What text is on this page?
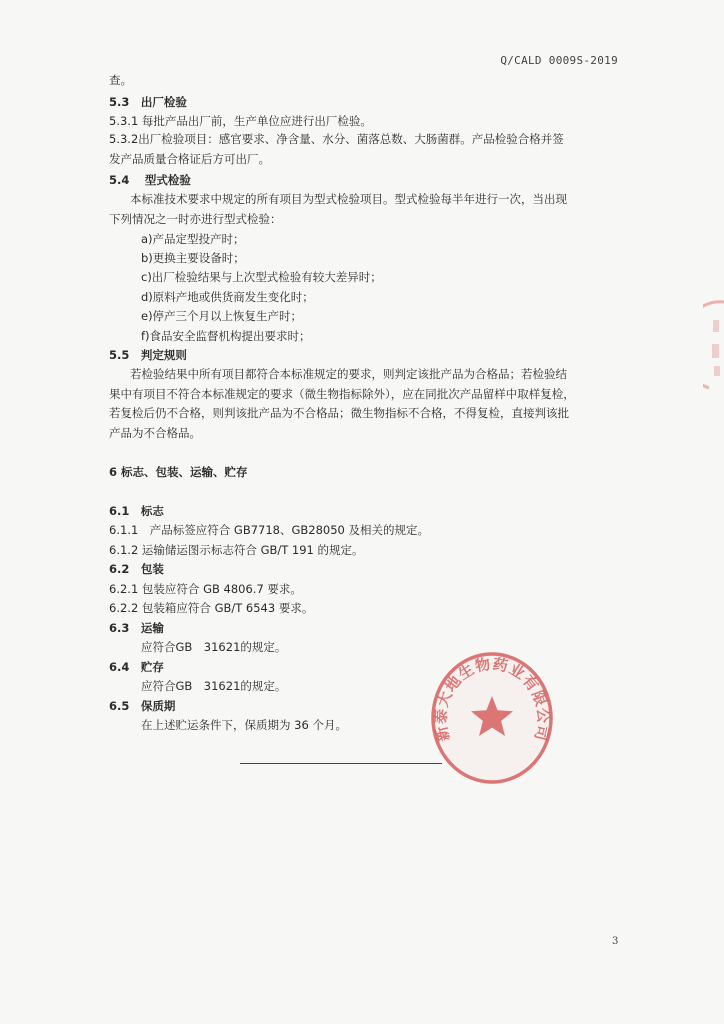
Q/CALD 0009S-2019
查。
5.3　出厂检验
5.3.1 每批产品出厂前，生产单位应进行出厂检验。
5.3.2出厂检验项目：感官要求、净含量、水分、菌落总数、大肠菌群。产品检验合格并签
发产品质量合格证后方可出厂。
5.4　 型式检验
本标准技术要求中规定的所有项目为型式检验项目。型式检验每半年进行一次，当出现
下列情况之一时亦进行型式检验：
a)产品定型投产时；
b)更换主要设备时；
c)出厂检验结果与上次型式检验有较大差异时；
d)原料产地或供货商发生变化时；
e)停产三个月以上恢复生产时；
f)食品安全监督机构提出要求时；
5.5　判定规则
若检验结果中所有项目都符合本标准规定的要求，则判定该批产品为合格品；若检验结
果中有项目不符合本标准规定的要求（微生物指标除外），应在同批次产品留样中取样复检，
若复检后仍不合格，则判该批产品为不合格品；微生物指标不合格，不得复检，直接判该批
产品为不合格品。
6 标志、包装、运输、贮存
6.1　标志
6.1.1　产品标签应符合 GB7718、GB28050 及相关的规定。
6.1.2 运输储运图示标志符合 GB/T 191 的规定。
6.2　包装
6.2.1 包装应符合 GB 4806.7 要求。
6.2.2 包装箱应符合 GB/T 6543 要求。
6.3　运输
应符合GB　31621的规定。
6.4　贮存
应符合GB　31621的规定。
6.5　保质期
在上述贮运条件下，保质期为 36 个月。	新泰大地生物药业有限公司
3
